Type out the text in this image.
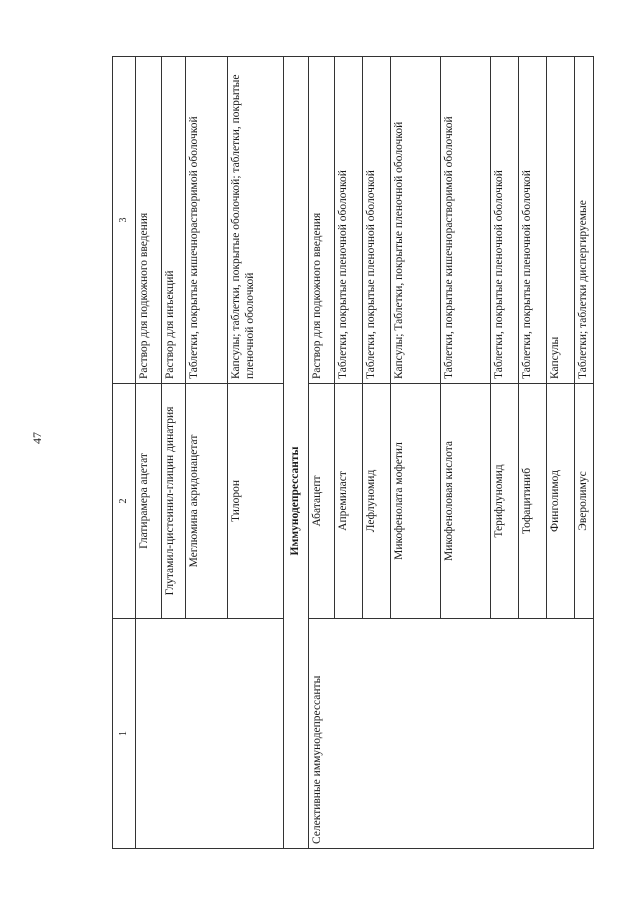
47
1	2	3
	Глатирамера ацетат	Раствор для подкожного введения
	Глутамил-цистеинил-глицин динатрия	Раствор для инъекций
	Меглюмина акридонацетат	Таблетки, покрытые кишечнорастворимой оболочкой
	Тилорон	Капсулы; таблетки, покрытые оболочкой; таблетки, покрытые пленочной оболочкой
	Иммунодепрессанты	
Селективные иммунодепрессанты	Абатацепт	Раствор для подкожного введения
	Апремиласт	Таблетки, покрытые пленочной оболочкой
	Лефлуномид	Таблетки, покрытые пленочной оболочкой
	Микофенолата мофетил	Капсулы; Таблетки, покрытые пленочной оболочкой
	Микофеноловая кислота	Таблетки, покрытые кишечнорастворимой оболочкой
	Терифлуномид	Таблетки, покрытые пленочной оболочкой
	Тофацитиниб	Таблетки, покрытые пленочной оболочкой
	Финголимод	Капсулы
	Эверолимус	Таблетки; таблетки диспергируемые
